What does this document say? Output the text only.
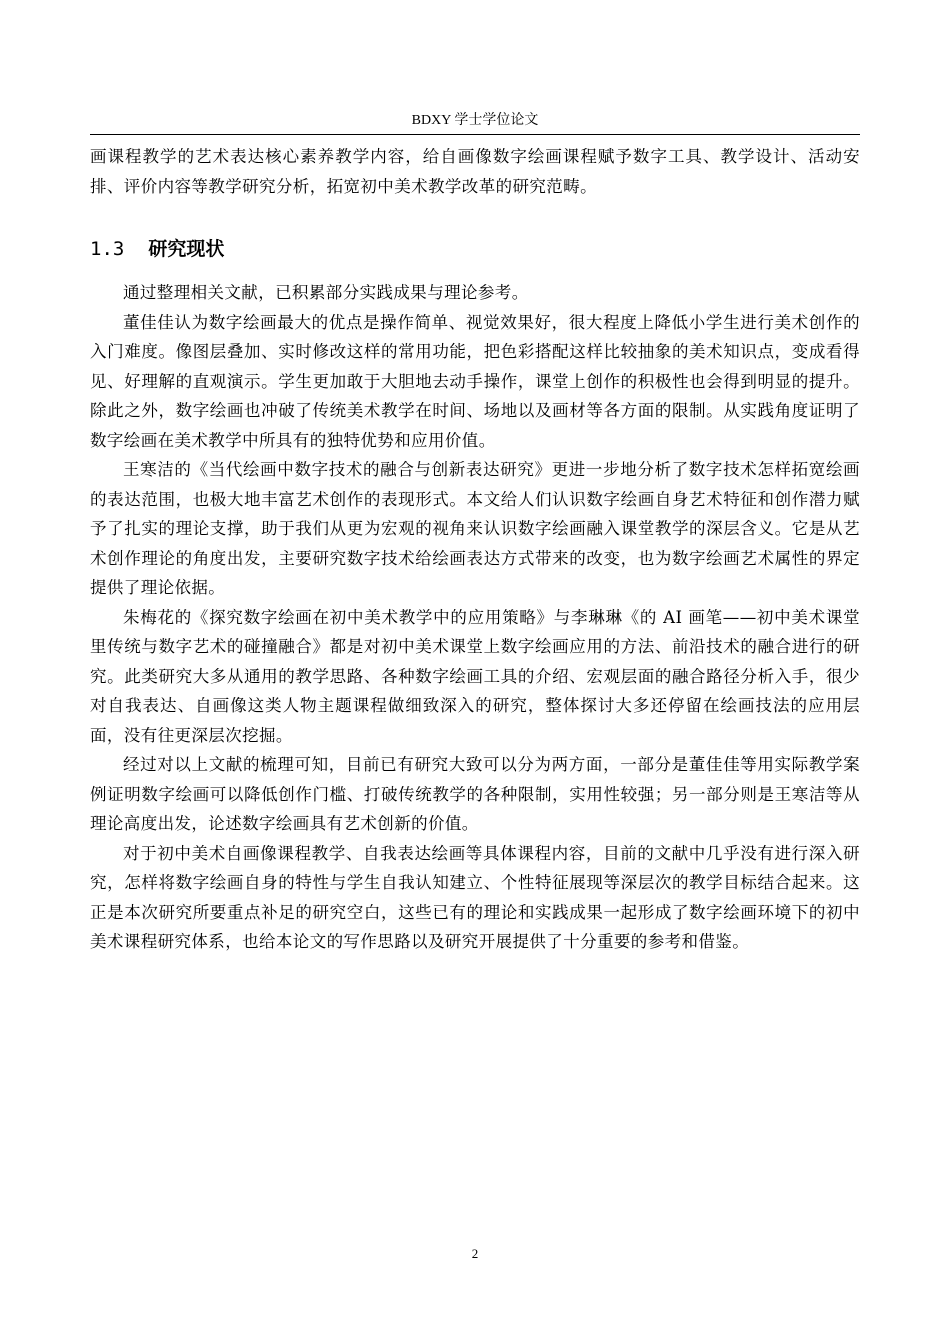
BDXY 学士学位论文

画课程教学的艺术表达核心素养教学内容，给自画像数字绘画课程赋予数字工具、教学设计、活动安排、评价内容等教学研究分析，拓宽初中美术教学改革的研究范畴。

1.3 研究现状

通过整理相关文献，已积累部分实践成果与理论参考。

董佳佳认为数字绘画最大的优点是操作简单、视觉效果好，很大程度上降低小学生进行美术创作的入门难度。像图层叠加、实时修改这样的常用功能，把色彩搭配这样比较抽象的美术知识点，变成看得见、好理解的直观演示。学生更加敢于大胆地去动手操作，课堂上创作的积极性也会得到明显的提升。除此之外，数字绘画也冲破了传统美术教学在时间、场地以及画材等各方面的限制。从实践角度证明了数字绘画在美术教学中所具有的独特优势和应用价值。

王寒洁的《当代绘画中数字技术的融合与创新表达研究》更进一步地分析了数字技术怎样拓宽绘画的表达范围，也极大地丰富艺术创作的表现形式。本文给人们认识数字绘画自身艺术特征和创作潜力赋予了扎实的理论支撑，助于我们从更为宏观的视角来认识数字绘画融入课堂教学的深层含义。它是从艺术创作理论的角度出发，主要研究数字技术给绘画表达方式带来的改变，也为数字绘画艺术属性的界定提供了理论依据。

朱梅花的《探究数字绘画在初中美术教学中的应用策略》与李琳琳《的 AI 画笔——初中美术课堂里传统与数字艺术的碰撞融合》都是对初中美术课堂上数字绘画应用的方法、前沿技术的融合进行的研究。此类研究大多从通用的教学思路、各种数字绘画工具的介绍、宏观层面的融合路径分析入手，很少对自我表达、自画像这类人物主题课程做细致深入的研究，整体探讨大多还停留在绘画技法的应用层面，没有往更深层次挖掘。

经过对以上文献的梳理可知，目前已有研究大致可以分为两方面，一部分是董佳佳等用实际教学案例证明数字绘画可以降低创作门槛、打破传统教学的各种限制，实用性较强；另一部分则是王寒洁等从理论高度出发，论述数字绘画具有艺术创新的价值。

对于初中美术自画像课程教学、自我表达绘画等具体课程内容，目前的文献中几乎没有进行深入研究，怎样将数字绘画自身的特性与学生自我认知建立、个性特征展现等深层次的教学目标结合起来。这正是本次研究所要重点补足的研究空白，这些已有的理论和实践成果一起形成了数字绘画环境下的初中美术课程研究体系，也给本论文的写作思路以及研究开展提供了十分重要的参考和借鉴。

2
